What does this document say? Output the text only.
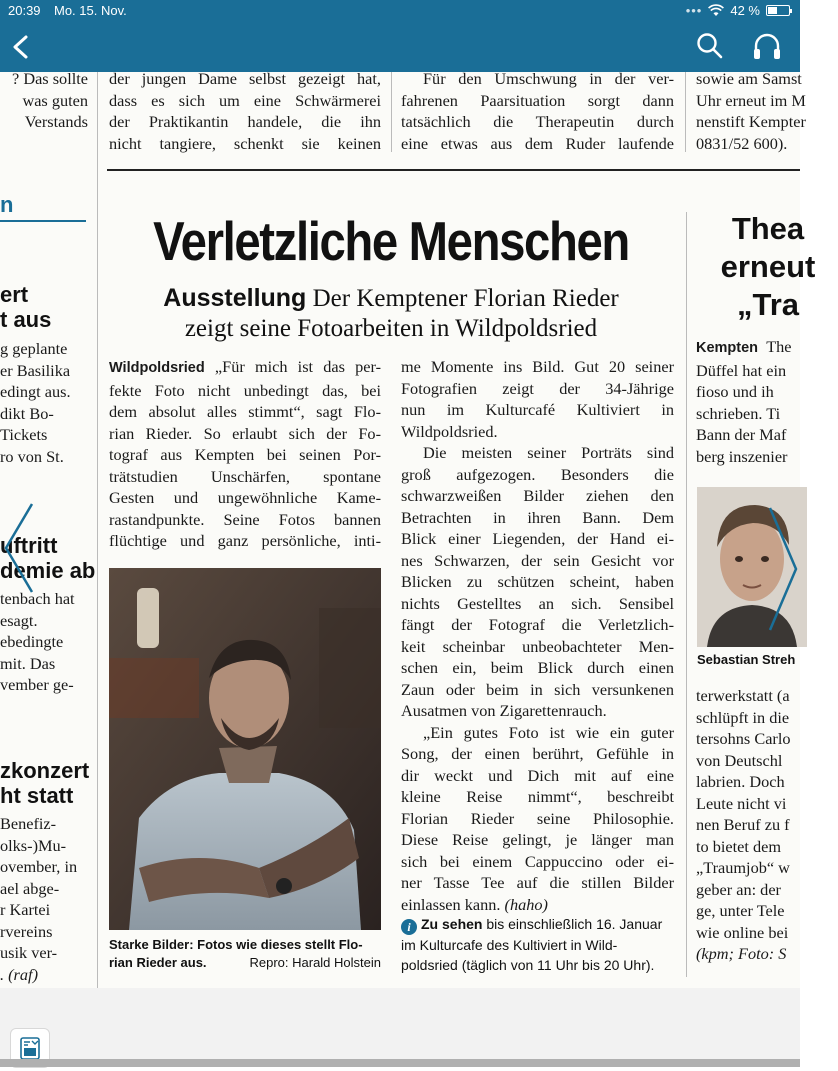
20:39 Mo. 15. Nov.	••• 42 %
? Das sollte
was guten
Verstands
der jungen Dame selbst gezeigt hat,
dass es sich um eine Schwärmerei
der Praktikantin handele, die ihn
nicht tangiere, schenkt sie keinen
Für den Umschwung in der ver-
fahrenen Paarsituation sorgt dann
tatsächlich die Therapeutin durch
eine etwas aus dem Ruder laufende
sowie am Samst
Uhr erneut im M
nenstift Kempter
0831/52 600).
n
ert
t aus
g geplante
er Basilika
edingt aus.
dikt Bo-
Tickets
ro von St.
uftritt
demie ab
tenbach hat
esagt.
ebedingte
mit. Das
vember ge-
zkonzert
ht statt
Benefiz-
olks-)Mu-
ovember, in
ael abge-
r Kartei
rvereins
usik ver-
. (raf)
Verletzliche Menschen
Ausstellung Der Kemptener Florian Rieder
zeigt seine Fotoarbeiten in Wildpoldsried
Wildpoldsried „Für mich ist das per-
fekte Foto nicht unbedingt das, bei
dem absolut alles stimmt“, sagt Flo-
rian Rieder. So erlaubt sich der Fo-
tograf aus Kempten bei seinen Por-
trätstudien Unschärfen, spontane
Gesten und ungewöhnliche Kame-
rastandpunkte. Seine Fotos bannen
flüchtige und ganz persönliche, inti-
Starke Bilder: Fotos wie dieses stellt Flo-
rian Rieder aus.	Repro: Harald Holstein
me Momente ins Bild. Gut 20 seiner
Fotografien zeigt der 34-Jährige
nun im Kulturcafé Kultiviert in
Wildpoldsried.
Die meisten seiner Porträts sind
groß aufgezogen. Besonders die
schwarzweißen Bilder ziehen den
Betrachten in ihren Bann. Dem
Blick einer Liegenden, der Hand ei-
nes Schwarzen, der sein Gesicht vor
Blicken zu schützen scheint, haben
nichts Gestelltes an sich. Sensibel
fängt der Fotograf die Verletzlich-
keit scheinbar unbeobachteter Men-
schen ein, beim Blick durch einen
Zaun oder beim in sich versunkenen
Ausatmen von Zigarettenrauch.
„Ein gutes Foto ist wie ein guter
Song, der einen berührt, Gefühle in
dir weckt und Dich mit auf eine
kleine Reise nimmt“, beschreibt
Florian Rieder seine Philosophie.
Diese Reise gelingt, je länger man
sich bei einem Cappuccino oder ei-
ner Tasse Tee auf die stillen Bilder
einlassen kann. (haho)
i Zu sehen bis einschließlich 16. Januar
im Kulturcafe des Kultiviert in Wild-
poldsried (täglich von 11 Uhr bis 20 Uhr).
Thea
erneut
„Tra
Kempten The
Düffel hat ein
fioso und ih
schrieben. Ti
Bann der Maf
berg inszenier
Sebastian Streh
terwerkstatt (a
schlüpft in die
tersohns Carlo
von Deutschl
labrien. Doch
Leute nicht vi
nen Beruf zu f
to bietet dem
„Traumjob“ w
geber an: der
ge, unter Tele
wie online bei
(kpm; Foto: S
